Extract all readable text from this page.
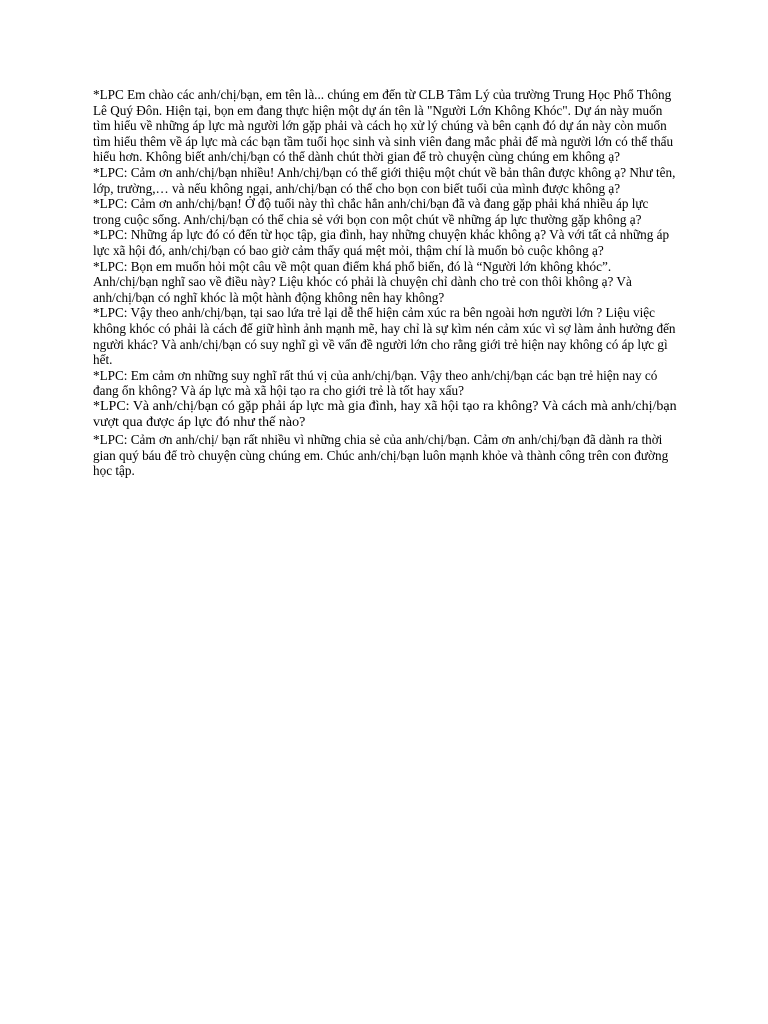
*LPC Em chào các anh/chị/bạn, em tên là... chúng em đến từ CLB Tâm Lý của trường Trung Học Phổ Thông Lê Quý Đôn. Hiện tại, bọn em đang thực hiện một dự án tên là "Người Lớn Không Khóc". Dự án này muốn tìm hiểu về những áp lực mà người lớn gặp phải và cách họ xử lý chúng và bên cạnh đó dự án này còn muốn tìm hiểu thêm về áp lực mà các bạn tầm tuổi học sinh và sinh viên đang mắc phải để mà người lớn có thể thấu hiểu hơn. Không biết anh/chị/bạn có thể dành chút thời gian để trò chuyện cùng chúng em không ạ?

*LPC: Cảm ơn anh/chị/bạn nhiều! Anh/chị/bạn có thể giới thiệu một chút về bản thân được không ạ? Như tên, lớp, trường,… và nếu không ngại, anh/chị/bạn có thể cho bọn con biết tuổi của mình được không ạ?

*LPC: Cảm ơn anh/chị/bạn! Ở độ tuổi này thì chắc hẳn anh/chi/bạn đã và đang gặp phải khá nhiều áp lực trong cuộc sống. Anh/chị/bạn có thể chia sẻ với bọn con một chút về những áp lực thường gặp không ạ?

*LPC: Những áp lực đó có đến từ học tập, gia đình, hay những chuyện khác không ạ? Và với tất cả những áp lực xã hội đó, anh/chị/bạn có bao giờ cảm thấy quá mệt mỏi, thậm chí là muốn bỏ cuộc không ạ?

*LPC: Bọn em muốn hỏi một câu về một quan điểm khá phổ biến, đó là “Người lớn không khóc”. Anh/chị/bạn nghĩ sao về điều này? Liệu khóc có phải là chuyện chỉ dành cho trẻ con thôi không ạ? Và anh/chị/bạn có nghĩ khóc là một hành động không nên hay không?

*LPC: Vậy theo anh/chị/bạn, tại sao lứa trẻ lại dễ thể hiện cảm xúc ra bên ngoài hơn người lớn ? Liệu việc không khóc có phải là cách để giữ hình ảnh mạnh mẽ, hay chỉ là sự kìm nén cảm xúc vì sợ làm ảnh hưởng đến người khác? Và anh/chị/bạn có suy nghĩ gì về vấn đề người lớn cho rằng giới trẻ hiện nay không có áp lực gì hết.

*LPC: Em cảm ơn những suy nghĩ rất thú vị của anh/chị/bạn. Vậy theo anh/chị/bạn các bạn trẻ hiện nay có đang ổn không? Và áp lực mà xã hội tạo ra cho giới trẻ là tốt hay xấu?

*LPC: Và anh/chị/bạn có gặp phải áp lực mà gia đình, hay xã hội tạo ra không? Và cách mà anh/chị/bạn vượt qua được áp lực đó như thế nào?

*LPC: Cảm ơn anh/chị/ bạn rất nhiều vì những chia sẻ của anh/chị/bạn. Cảm ơn anh/chị/bạn đã dành ra thời gian quý báu để trò chuyện cùng chúng em. Chúc anh/chị/bạn luôn mạnh khỏe và thành công trên con đường học tập.
